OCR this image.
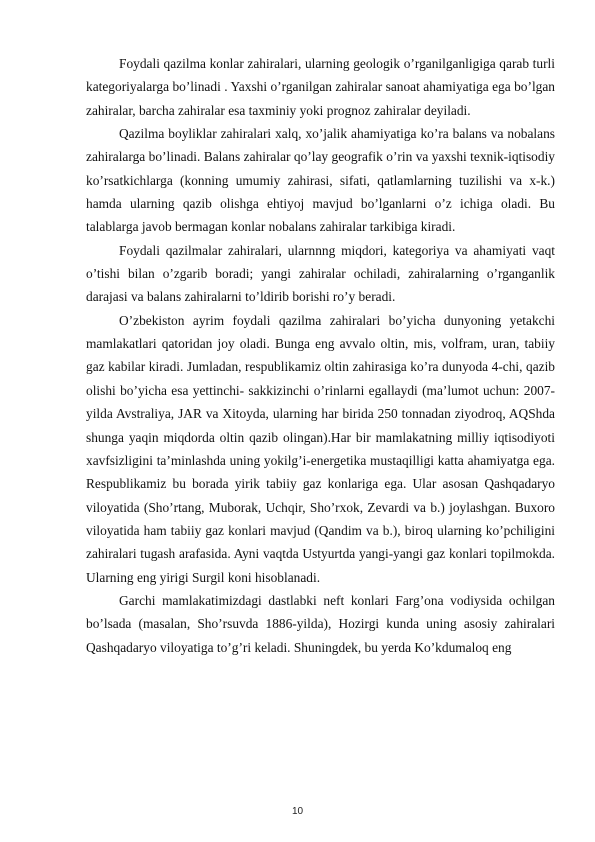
Foydali qazilma konlar zahiralari, ularning geologik o’rganilganligiga qarab turli kategoriyalarga bo’linadi . Yaxshi o’rganilgan zahiralar sanoat ahamiyatiga ega bo’lgan zahiralar, barcha zahiralar esa taxminiy yoki prognoz zahiralar deyiladi.

Qazilma boyliklar zahiralari xalq, xo’jalik ahamiyatiga ko’ra balans va nobalans zahiralarga bo’linadi. Balans zahiralar qo’lay geografik o’rin va yaxshi texnik-iqtisodiy ko’rsatkichlarga (konning umumiy zahirasi, sifati, qatlamlarning tuzilishi va x-k.) hamda ularning qazib olishga ehtiyoj mavjud bo’lganlarni o’z ichiga oladi. Bu talablarga javob bermagan konlar nobalans zahiralar tarkibiga kiradi.

Foydali qazilmalar zahiralari, ularnnng miqdori, kategoriya va ahamiyati vaqt o’tishi bilan o’zgarib boradi; yangi zahiralar ochiladi, zahiralarning o’rganganlik darajasi va balans zahiralarni to’ldirib borishi ro’y beradi.

O’zbekiston ayrim foydali qazilma zahiralari bo’yicha dunyoning yetakchi mamlakatlari qatoridan joy oladi. Bunga eng avvalo oltin, mis, volfram, uran, tabiiy gaz kabilar kiradi. Jumladan, respublikamiz oltin zahirasiga ko’ra dunyoda 4-chi, qazib olishi bo’yicha esa yettinchi- sakkizinchi o’rinlarni egallaydi (ma’lumot uchun: 2007-yilda Avstraliya, JAR va Xitoyda, ularning har birida 250 tonnadan ziyodroq, AQShda shunga yaqin miqdorda oltin qazib olingan).Har bir mamlakatning milliy iqtisodiyoti xavfsizligini ta’minlashda uning yokilg’i-energetika mustaqilligi katta ahamiyatga ega. Respublikamiz bu borada yirik tabiiy gaz konlariga ega. Ular asosan Qashqadaryo viloyatida (Sho’rtang, Muborak, Uchqir, Sho’rxok, Zevardi va b.) joylashgan. Buxoro viloyatida ham tabiiy gaz konlari mavjud (Qandim va b.), biroq ularning ko’pchiligini zahiralari tugash arafasida. Ayni vaqtda Ustyurtda yangi-yangi gaz konlari topilmokda. Ularning eng yirigi Surgil koni hisoblanadi.

Garchi mamlakatimizdagi dastlabki neft konlari Farg’ona vodiysida ochilgan bo’lsada (masalan, Sho’rsuvda 1886-yilda), Hozirgi kunda uning asosiy zahiralari Qashqadaryo viloyatiga to’g’ri keladi. Shuningdek, bu yerda Ko’kdumaloq eng

10
